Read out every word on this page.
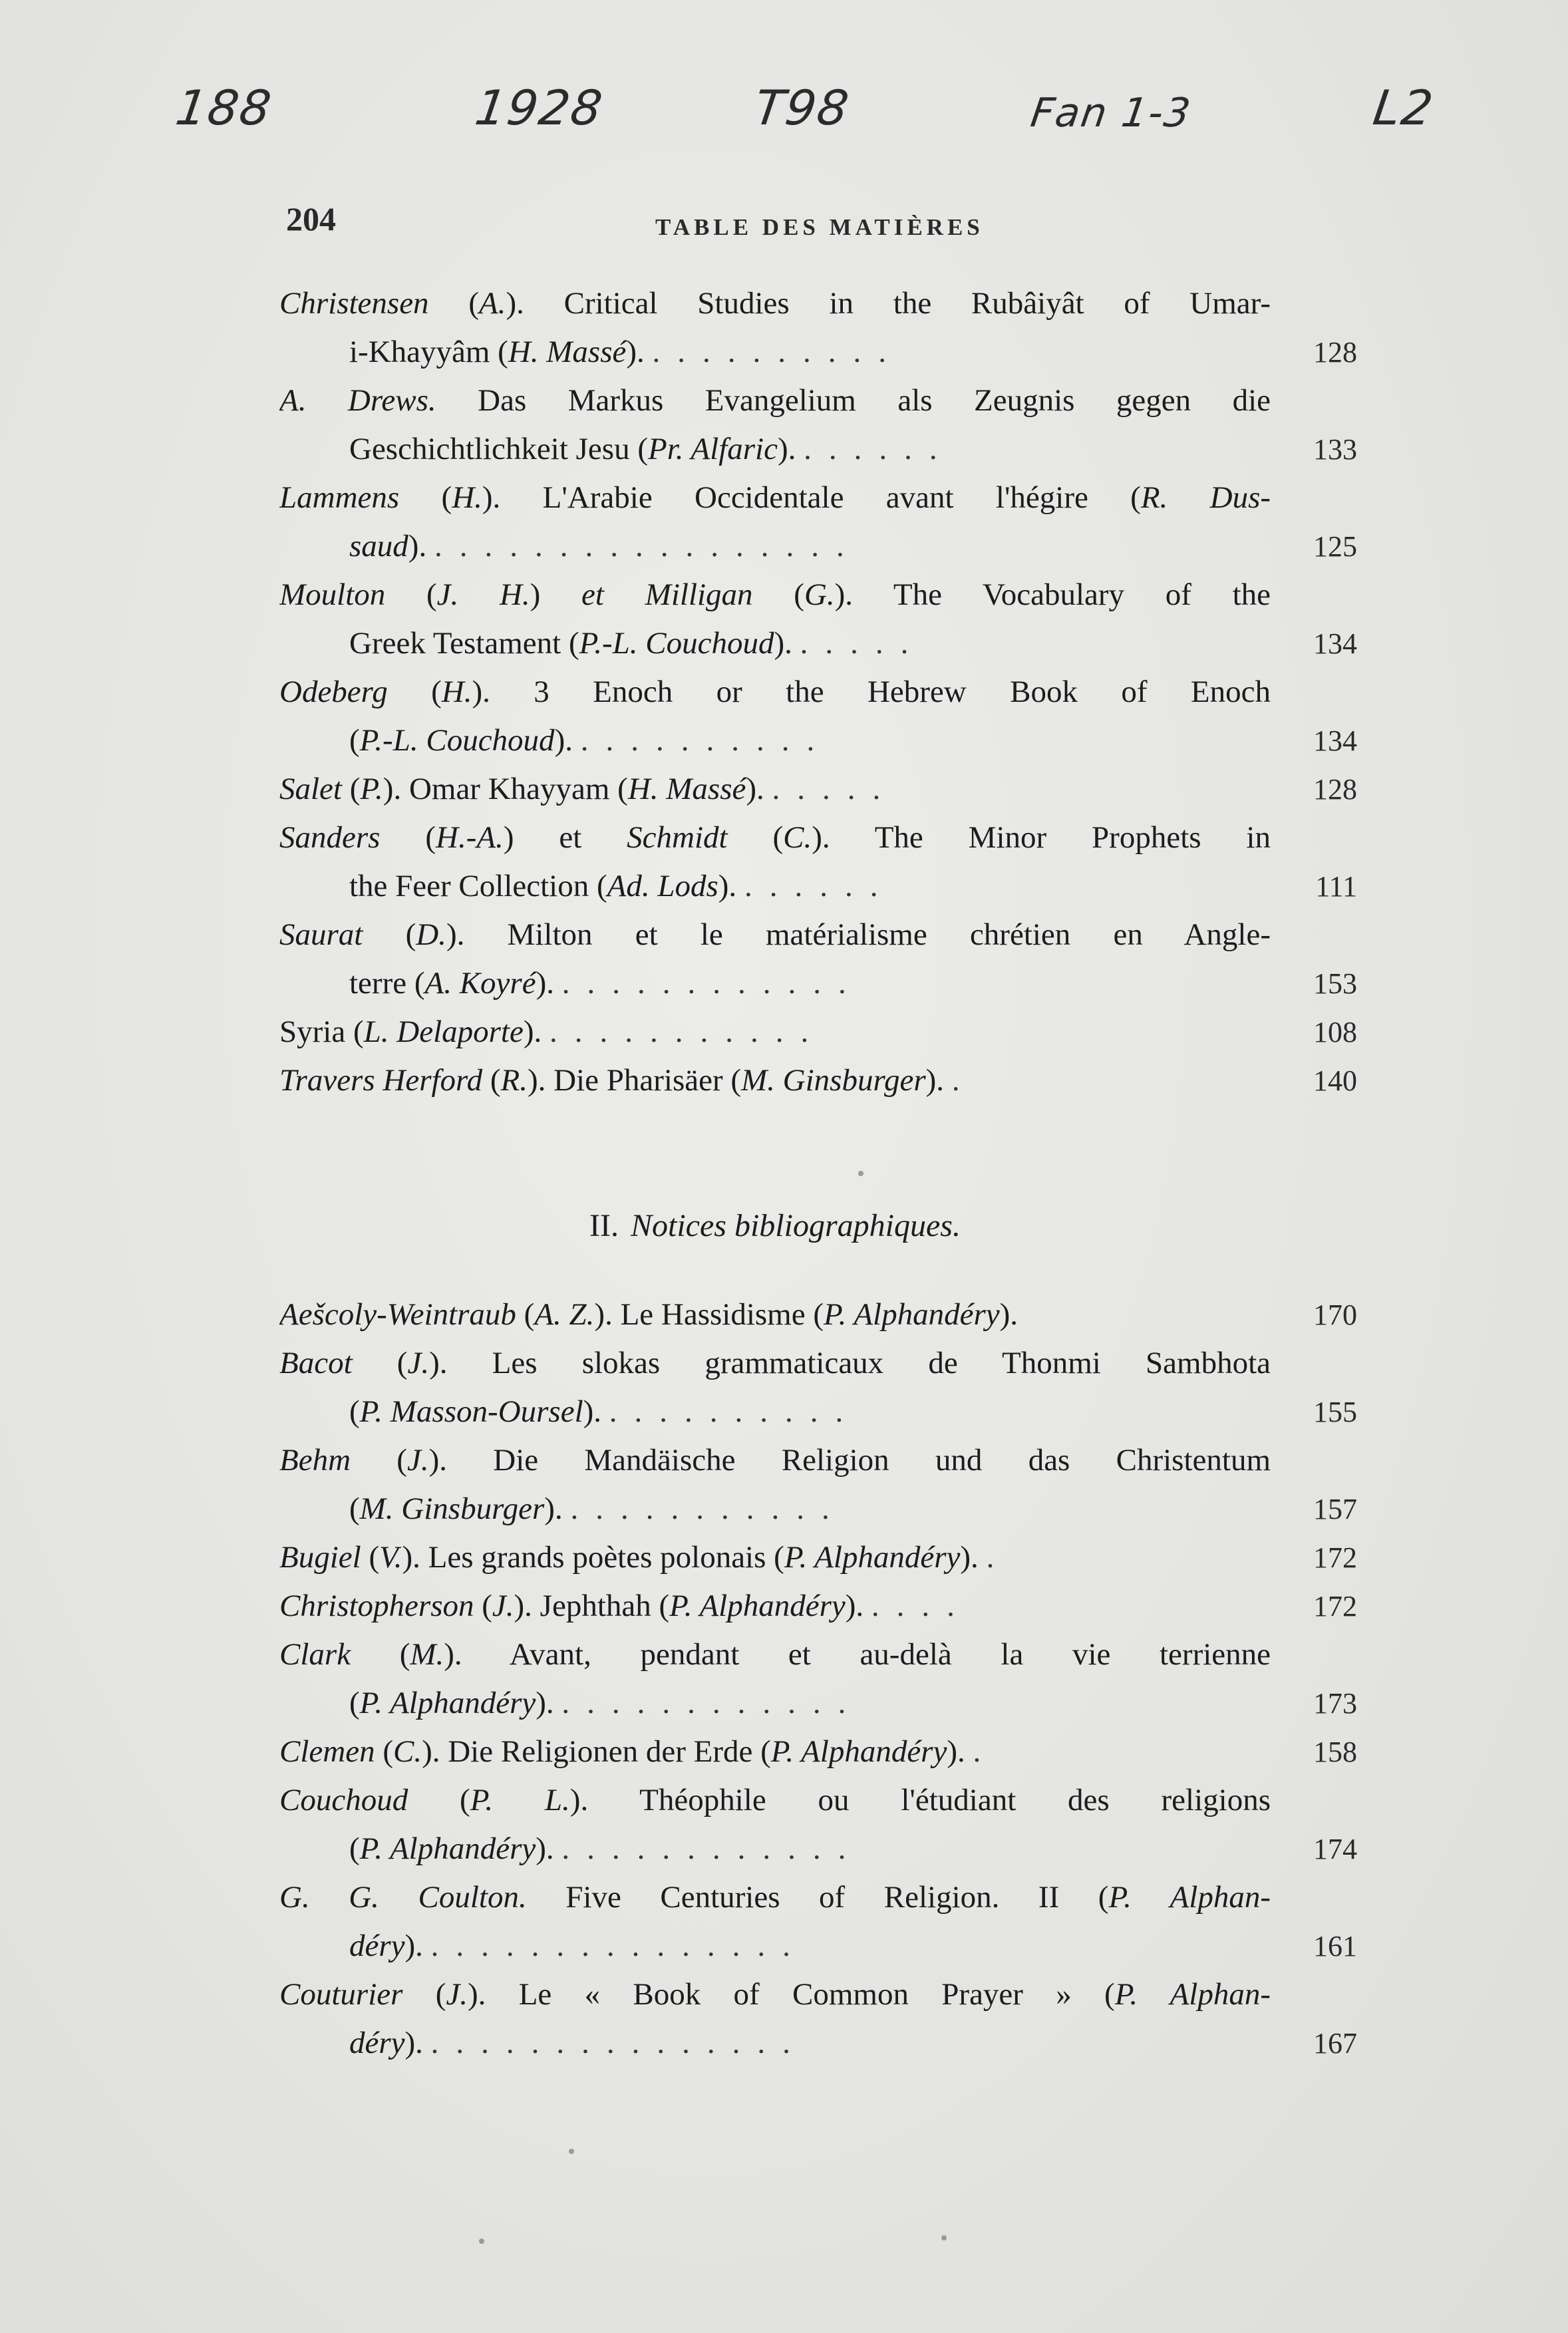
188	1928	T98	Fan 1-3	L2
204	TABLE DES MATIÈRES
Christensen (A.). Critical Studies in the Rubâiyât of Umar-
i-Khayyâm (H. Massé). ..........	128
A. Drews. Das Markus Evangelium als Zeugnis gegen die
Geschichtlichkeit Jesu (Pr. Alfaric). ......	133
Lammens (H.). L'Arabie Occidentale avant l'hégire (R. Dus-
saud). .................	125
Moulton (J. H.) et Milligan (G.). The Vocabulary of the
Greek Testament (P.-L. Couchoud). .....	134
Odeberg (H.). 3 Enoch or the Hebrew Book of Enoch
(P.-L. Couchoud). ..........	134
Salet (P.). Omar Khayyam (H. Massé). .....	128
Sanders (H.-A.) et Schmidt (C.). The Minor Prophets in
the Feer Collection (Ad. Lods). ......	111
Saurat (D.). Milton et le matérialisme chrétien en Angle-
terre (A. Koyré). ............	153
Syria (L. Delaporte). ...........	108
Travers Herford (R.). Die Pharisäer (M. Ginsburger). .	140
II. Notices bibliographiques.
Aešcoly-Weintraub (A. Z.). Le Hassidisme (P. Alphandéry).	170
Bacot (J.). Les slokas grammaticaux de Thonmi Sambhota
(P. Masson-Oursel). ..........	155
Behm (J.). Die Mandäische Religion und das Christentum
(M. Ginsburger). ...........	157
Bugiel (V.). Les grands poètes polonais (P. Alphandéry). .	172
Christopherson (J.). Jephthah (P. Alphandéry). ....	172
Clark (M.). Avant, pendant et au-delà la vie terrienne
(P. Alphandéry). ............	173
Clemen (C.). Die Religionen der Erde (P. Alphandéry). .	158
Couchoud (P. L.). Théophile ou l'étudiant des religions
(P. Alphandéry). ............	174
G. G. Coulton. Five Centuries of Religion. II (P. Alphan-
déry). ...............	161
Couturier (J.). Le « Book of Common Prayer » (P. Alphan-
déry). ...............	167
